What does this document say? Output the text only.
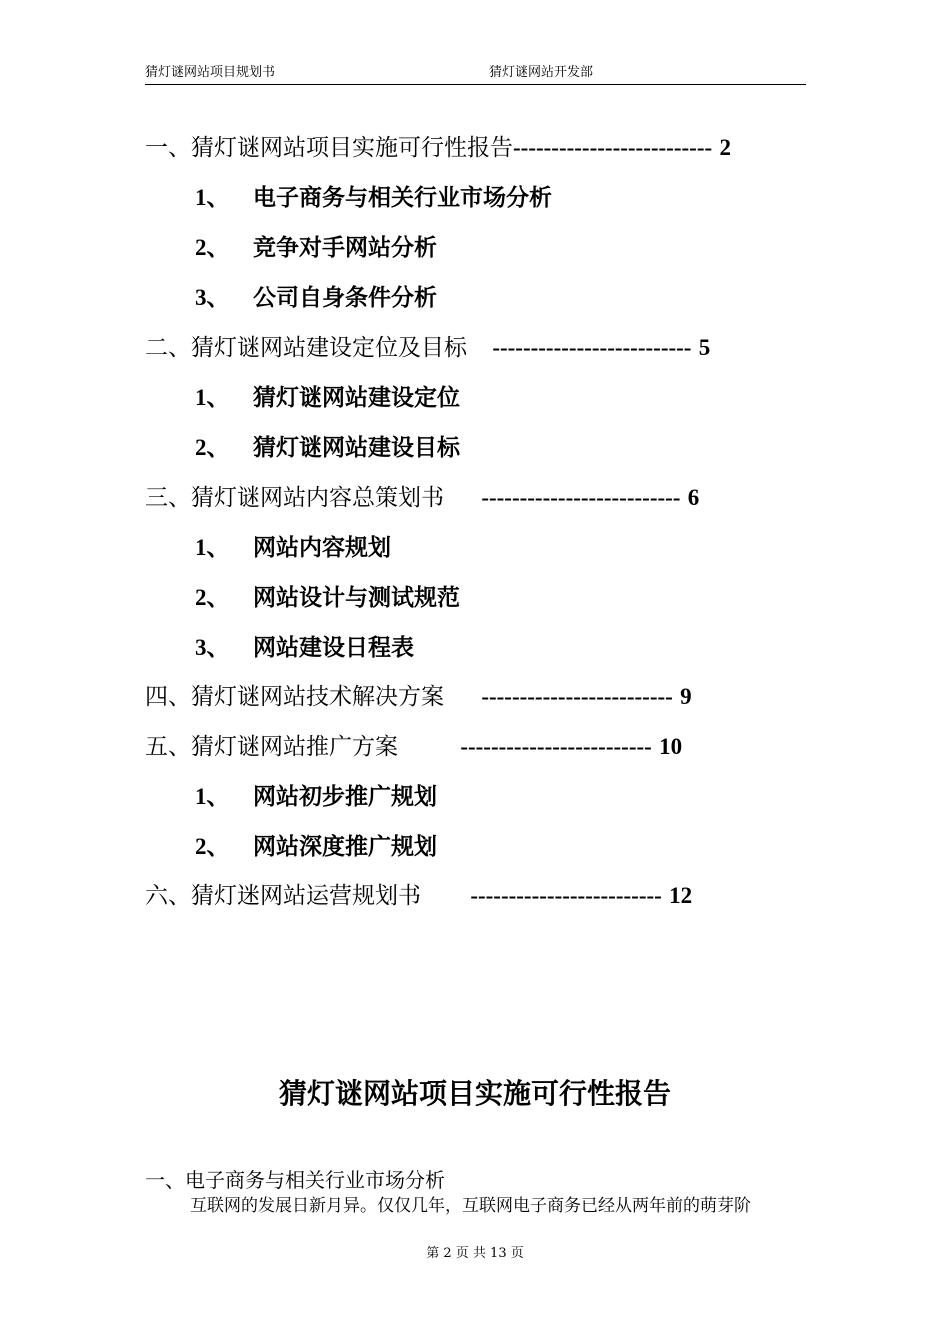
猜灯谜网站项目规划书	猜灯谜网站开发部
一、猜灯谜网站项目实施可行性报告-------------------------- 2
1、 电子商务与相关行业市场分析
2、 竞争对手网站分析
3、 公司自身条件分析
二、猜灯谜网站建设定位及目标 -------------------------- 5
1、 猜灯谜网站建设定位
2、 猜灯谜网站建设目标
三、猜灯谜网站内容总策划书 -------------------------- 6
1、 网站内容规划
2、 网站设计与测试规范
3、 网站建设日程表
四、猜灯谜网站技术解决方案 ------------------------- 9
五、猜灯谜网站推广方案	------------------------- 10
1、 网站初步推广规划
2、 网站深度推广规划
六、猜灯迷网站运营规划书 ------------------------- 12
猜灯谜网站项目实施可行性报告
一、电子商务与相关行业市场分析
互联网的发展日新月异。仅仅几年，互联网电子商务已经从两年前的萌芽阶
第 2 页 共 13 页
